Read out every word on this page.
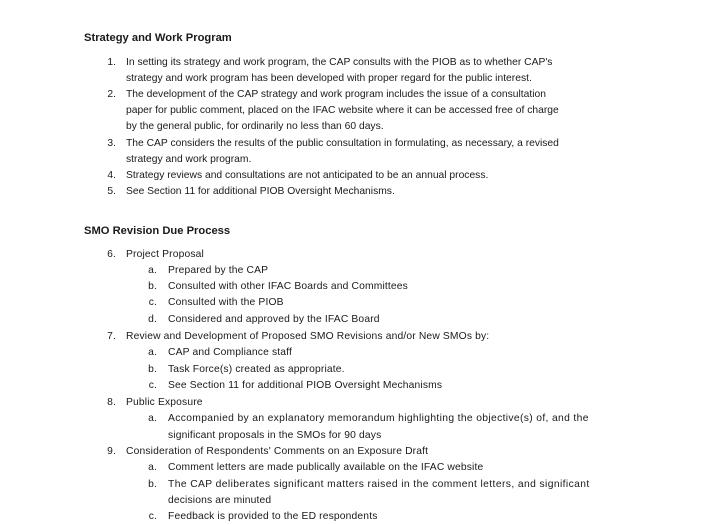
Strategy and Work Program
1. In setting its strategy and work program, the CAP consults with the PIOB as to whether CAP's
strategy and work program has been developed with proper regard for the public interest.
2. The development of the CAP strategy and work program includes the issue of a consultation
paper for public comment, placed on the IFAC website where it can be accessed free of charge
by the general public, for ordinarily no less than 60 days.
3. The CAP considers the results of the public consultation in formulating, as necessary, a revised
strategy and work program.
4. Strategy reviews and consultations are not anticipated to be an annual process.
5. See Section 11 for additional PIOB Oversight Mechanisms.
SMO Revision Due Process
6. Project Proposal
a. Prepared by the CAP
b. Consulted with other IFAC Boards and Committees
c. Consulted with the PIOB
d. Considered and approved by the IFAC Board
7. Review and Development of Proposed SMO Revisions and/or New SMOs by:
a. CAP and Compliance staff
b. Task Force(s) created as appropriate.
c. See Section 11 for additional PIOB Oversight Mechanisms
8. Public Exposure
a. Accompanied by an explanatory memorandum highlighting the objective(s) of, and the
significant proposals in the SMOs for 90 days
9. Consideration of Respondents' Comments on an Exposure Draft
a. Comment letters are made publically available on the IFAC website
b. The CAP deliberates significant matters raised in the comment letters, and significant
decisions are minuted
c. Feedback is provided to the ED respondents
